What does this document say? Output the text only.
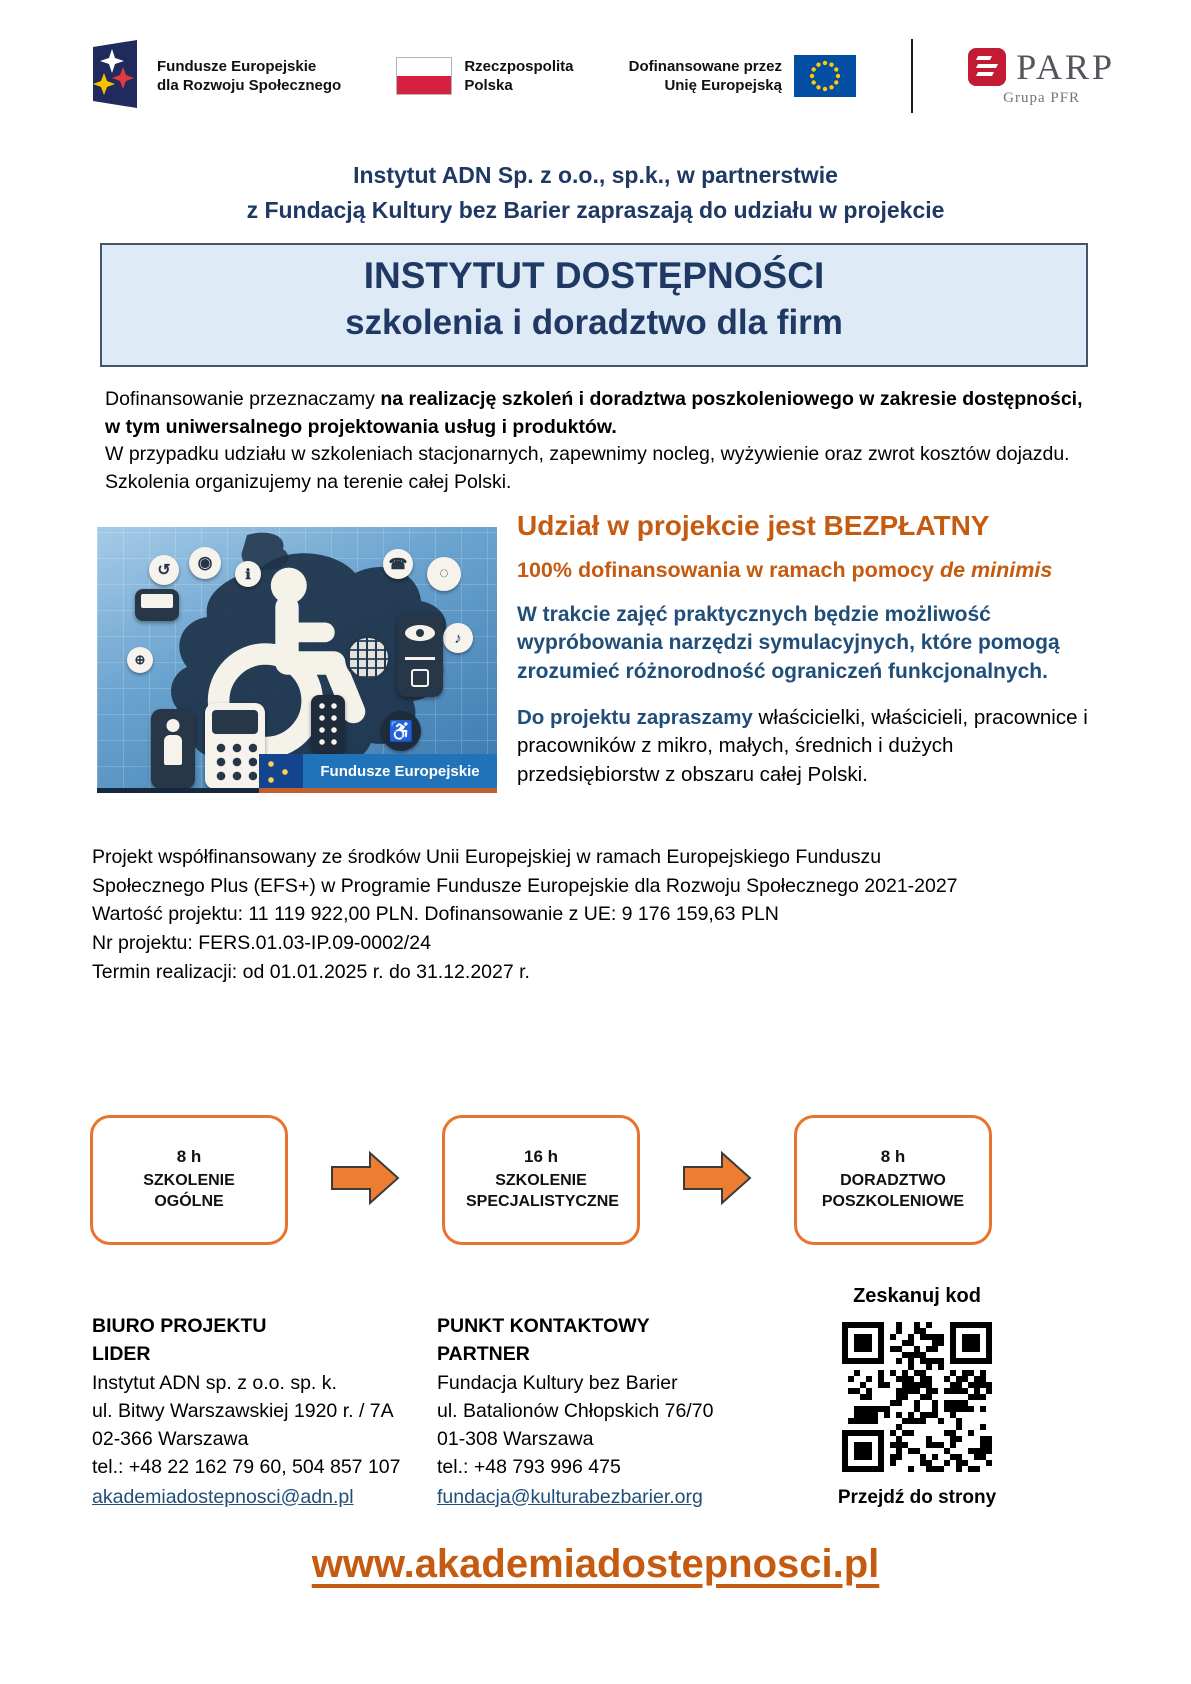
Fundusze Europejskie
dla Rozwoju Społecznego
Rzeczpospolita
Polska
Dofinansowane przez
Unię Europejską	PARP
Grupa PFR
Instytut ADN Sp. z o.o., sp.k., w partnerstwie
z Fundacją Kultury bez Barier zapraszają do udziału w projekcie
INSTYTUT DOSTĘPNOŚCI
szkolenia i doradztwo dla firm
Dofinansowanie przeznaczamy na realizację szkoleń i doradztwa poszkoleniowego w zakresie dostępności, w tym uniwersalnego projektowania usług i produktów.
W przypadku udziału w szkoleniach stacjonarnych, zapewnimy nocleg, wyżywienie oraz zwrot kosztów dojazdu. Szkolenia organizujemy na terenie całej Polski.
↺	◉
ℹ
☎
◌
♪
⊕
♿
Fundusze Europejskie
Udział w projekcie jest BEZPŁATNY
100% dofinansowania w ramach pomocy de minimis
W trakcie zajęć praktycznych będzie możliwość wypróbowania narzędzi symulacyjnych, które pomogą zrozumieć różnorodność ograniczeń funkcjonalnych.
Do projektu zapraszamy właścicielki, właścicieli, pracownice i pracowników z mikro, małych, średnich i dużych przedsiębiorstw z obszaru całej Polski.
Projekt współfinansowany ze środków Unii Europejskiej w ramach Europejskiego Funduszu
Społecznego Plus (EFS+) w Programie Fundusze Europejskie dla Rozwoju Społecznego 2021-2027
Wartość projektu: 11 119 922,00 PLN. Dofinansowanie z UE: 9 176 159,63 PLN
Nr projektu: FERS.01.03-IP.09-0002/24
Termin realizacji: od 01.01.2025 r. do 31.12.2027 r.
8 h
SZKOLENIE OGÓLNE
16 h
SZKOLENIE SPECJALISTYCZNE
8 h
DORADZTWO POSZKOLENIOWE
BIURO PROJEKTU
LIDER
Instytut ADN sp. z o.o. sp. k.
ul. Bitwy Warszawskiej 1920 r. / 7A
02-366 Warszawa
tel.: +48 22 162 79 60, 504 857 107
akademiadostepnosci@adn.pl
PUNKT KONTAKTOWY
PARTNER
Fundacja Kultury bez Barier
ul. Batalionów Chłopskich 76/70
01-308 Warszawa
tel.: +48 793 996 475
fundacja@kulturabezbarier.org
Zeskanuj kod
Przejdź do strony
www.akademiadostepnosci.pl
